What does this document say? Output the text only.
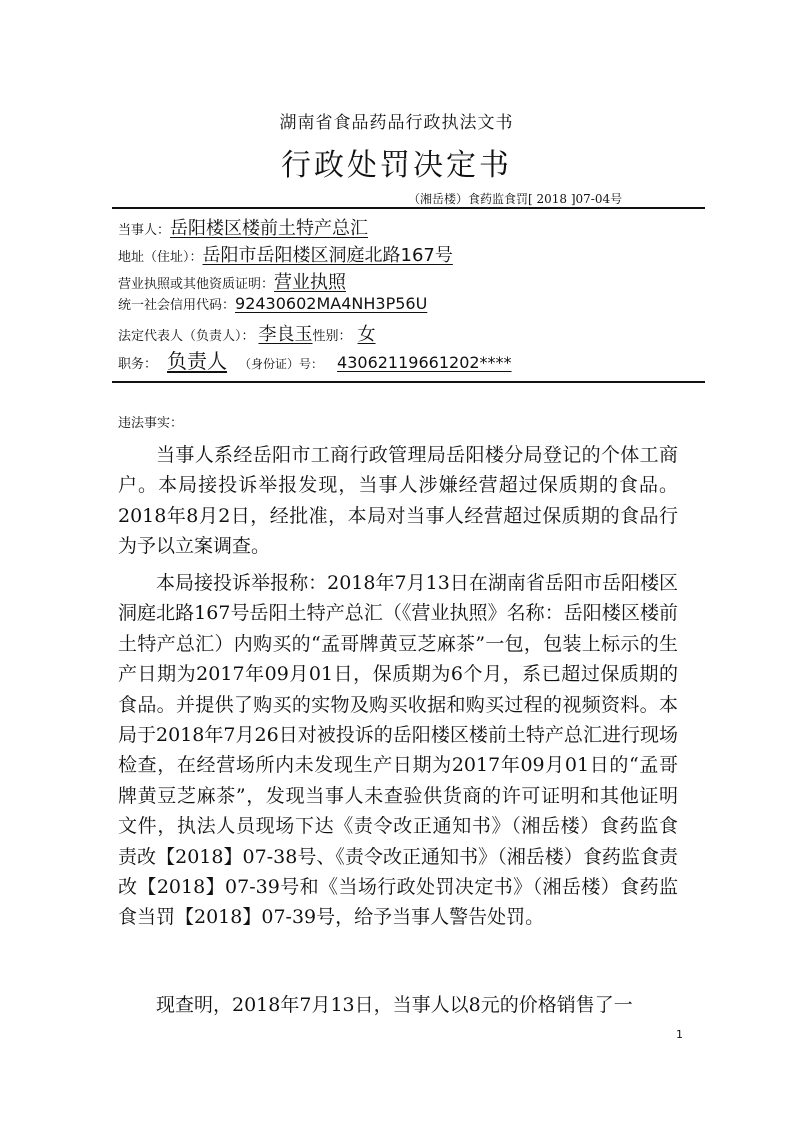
湖南省食品药品行政执法文书
行政处罚决定书
（湘岳楼）食药监食罚[ 2018 ]07-04号
当事人： 岳阳楼区楼前土特产总汇
地址（住址）： 岳阳市岳阳楼区洞庭北路167号
营业执照或其他资质证明： 营业执照
统一社会信用代码： 92430602MA4NH3P56U
法定代表人（负责人）： 李良玉 性别： 女
职务： 负责人 （身份证）号： 43062119661202****
违法事实：
当事人系经岳阳市工商行政管理局岳阳楼分局登记的个体工商户。本局接投诉举报发现，当事人涉嫌经营超过保质期的食品。2018年8月2日，经批准，本局对当事人经营超过保质期的食品行为予以立案调查。
本局接投诉举报称：2018年7月13日在湖南省岳阳市岳阳楼区洞庭北路167号岳阳土特产总汇（《营业执照》名称：岳阳楼区楼前土特产总汇）内购买的“孟哥牌黄豆芝麻茶”一包，包装上标示的生产日期为2017年09月01日，保质期为6个月，系已超过保质期的食品。并提供了购买的实物及购买收据和购买过程的视频资料。本局于2018年7月26日对被投诉的岳阳楼区楼前土特产总汇进行现场检查，在经营场所内未发现生产日期为2017年09月01日的“孟哥牌黄豆芝麻茶”，发现当事人未查验供货商的许可证明和其他证明文件，执法人员现场下达《责令改正通知书》（湘岳楼）食药监食责改【2018】07-38号、《责令改正通知书》（湘岳楼）食药监食责改【2018】07-39号和《当场行政处罚决定书》（湘岳楼）食药监食当罚【2018】07-39号，给予当事人警告处罚。
现查明，2018年7月13日，当事人以8元的价格销售了一
1
